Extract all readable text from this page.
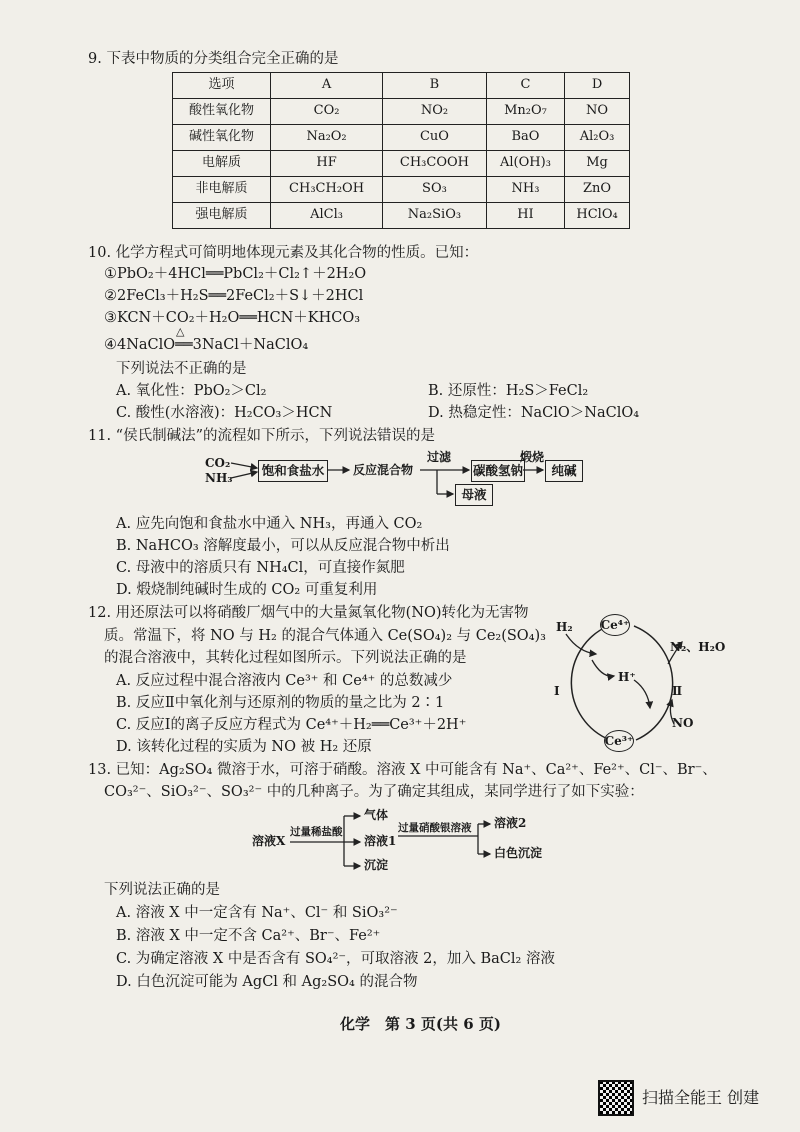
9. 下表中物质的分类组合完全正确的是
选项	A	B	C	D
酸性氧化物	CO₂	NO₂	Mn₂O₇	NO
碱性氧化物	Na₂O₂	CuO	BaO	Al₂O₃
电解质	HF	CH₃COOH	Al(OH)₃	Mg
非电解质	CH₃CH₂OH	SO₃	NH₃	ZnO
强电解质	AlCl₃	Na₂SiO₃	HI	HClO₄
10. 化学方程式可简明地体现元素及其化合物的性质。已知：
①PbO₂＋4HCl══PbCl₂＋Cl₂↑＋2H₂O
②2FeCl₃＋H₂S══2FeCl₂＋S↓＋2HCl
③KCN＋CO₂＋H₂O══HCN＋KHCO₃
△
④4NaClO══3NaCl＋NaClO₄
下列说法不正确的是
A. 氧化性：PbO₂＞Cl₂	B. 还原性：H₂S＞FeCl₂
C. 酸性(水溶液)：H₂CO₃＞HCN	D. 热稳定性：NaClO＞NaClO₄
11. “侯氏制碱法”的流程如下所示，下列说法错误的是
CO₂
NH₃ 饱和食盐水	反应混合物
过滤
碳酸氢钠
煅烧
纯碱
母液
A. 应先向饱和食盐水中通入 NH₃，再通入 CO₂
B. NaHCO₃ 溶解度最小，可以从反应混合物中析出
C. 母液中的溶质只有 NH₄Cl，可直接作氮肥
D. 煅烧制纯碱时生成的 CO₂ 可重复利用
12. 用还原法可以将硝酸厂烟气中的大量氮氧化物(NO)转化为无害物
质。常温下，将 NO 与 H₂ 的混合气体通入 Ce(SO₄)₂ 与 Ce₂(SO₄)₃
的混合溶液中，其转化过程如图所示。下列说法正确的是
A. 反应过程中混合溶液内 Ce³⁺ 和 Ce⁴⁺ 的总数减少
B. 反应Ⅱ中氧化剂与还原剂的物质的量之比为 2∶1
C. 反应Ⅰ的离子反应方程式为 Ce⁴⁺＋H₂══Ce³⁺＋2H⁺
D. 该转化过程的实质为 NO 被 H₂ 还原
Ce⁴⁺
Ce³⁺
H₂
H⁺
N₂、H₂O
NO
Ⅰ	Ⅱ
13. 已知：Ag₂SO₄ 微溶于水，可溶于硝酸。溶液 X 中可能含有 Na⁺、Ca²⁺、Fe²⁺、Cl⁻、Br⁻、
CO₃²⁻、SiO₃²⁻、SO₃²⁻ 中的几种离子。为了确定其组成，某同学进行了如下实验：
溶液X
过量稀盐酸
气体
溶液1
沉淀
过量硝酸银溶液 溶液2
白色沉淀
下列说法正确的是
A. 溶液 X 中一定含有 Na⁺、Cl⁻ 和 SiO₃²⁻
B. 溶液 X 中一定不含 Ca²⁺、Br⁻、Fe²⁺
C. 为确定溶液 X 中是否含有 SO₄²⁻，可取溶液 2，加入 BaCl₂ 溶液
D. 白色沉淀可能为 AgCl 和 Ag₂SO₄ 的混合物
化学　第 3 页(共 6 页)
扫描全能王 创建
